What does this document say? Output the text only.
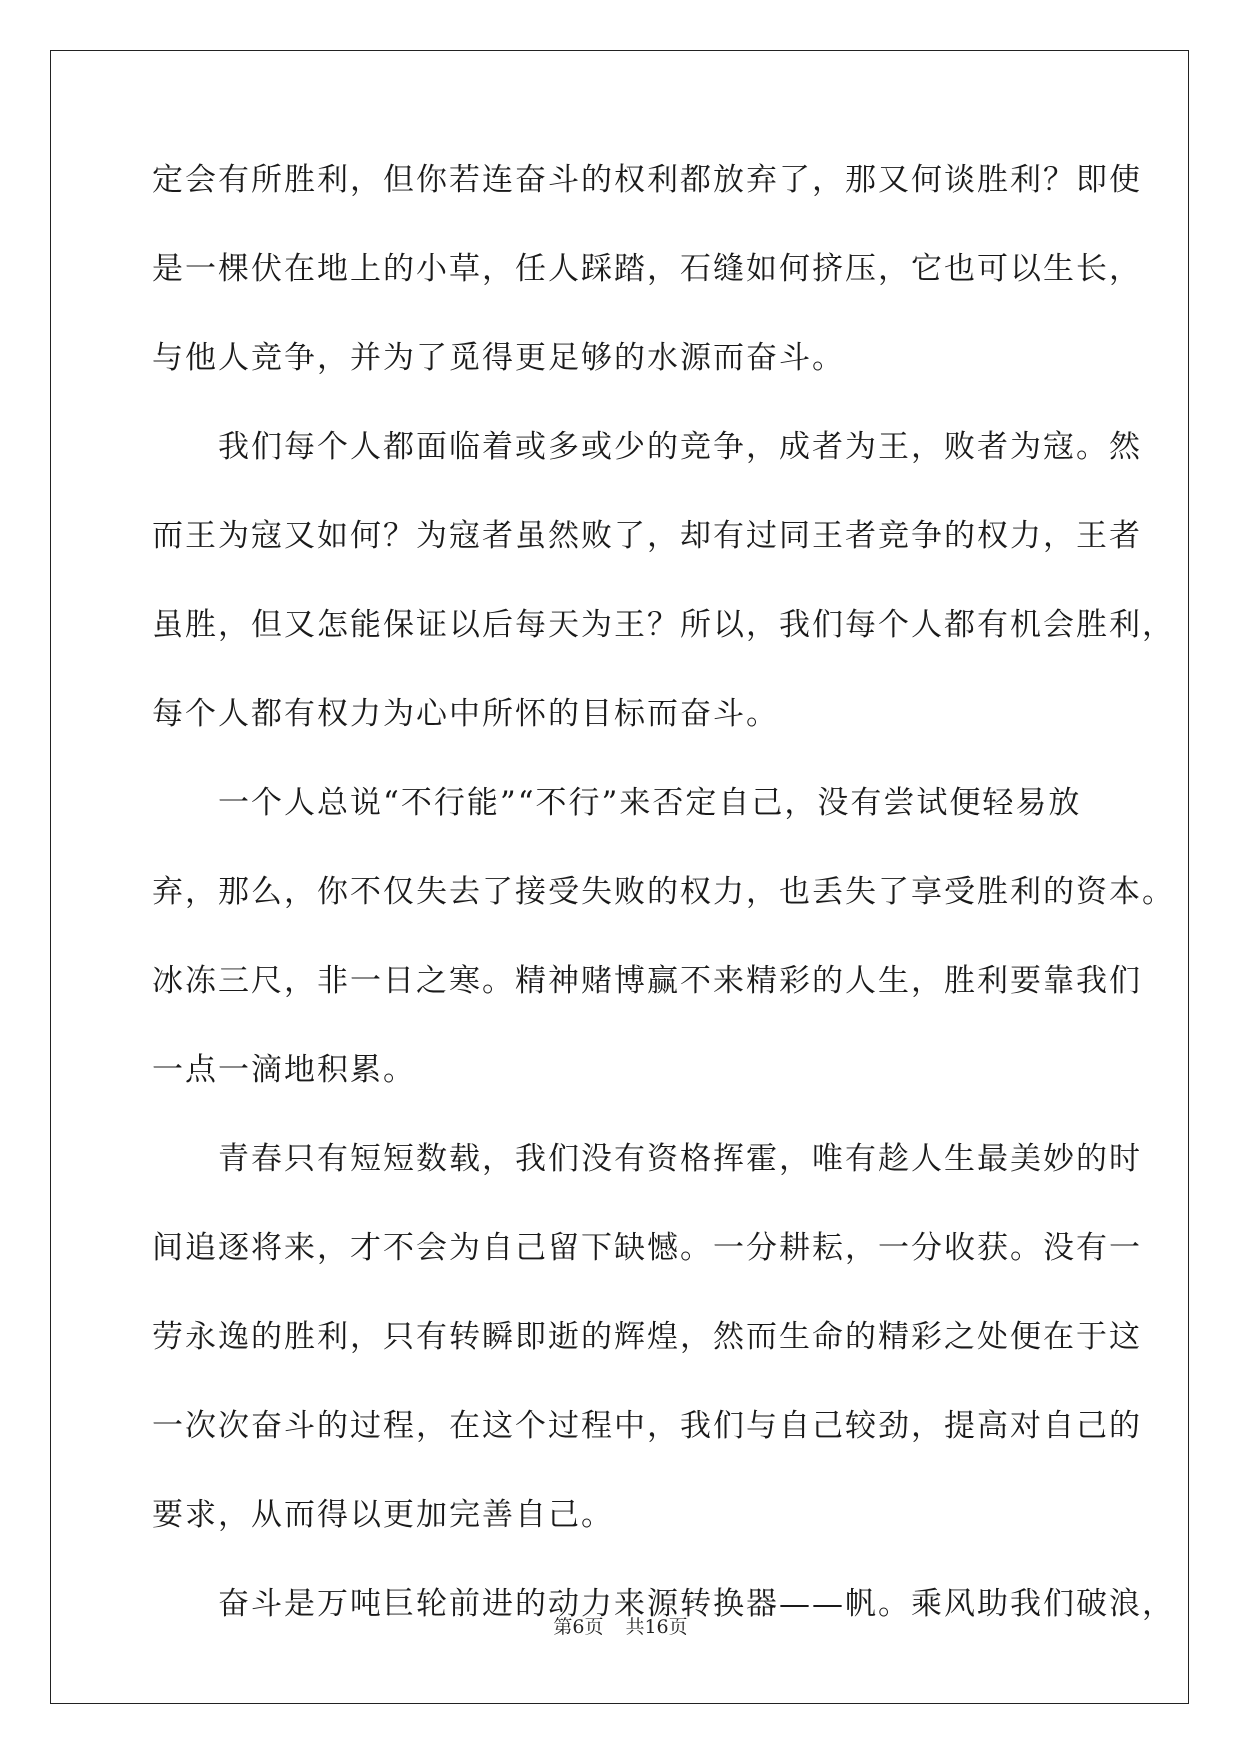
定会有所胜利，但你若连奋斗的权利都放弃了，那又何谈胜利？即使
是一棵伏在地上的小草，任人踩踏，石缝如何挤压，它也可以生长，
与他人竞争，并为了觅得更足够的水源而奋斗。
　　我们每个人都面临着或多或少的竞争，成者为王，败者为寇。然
而王为寇又如何？为寇者虽然败了，却有过同王者竞争的权力，王者
虽胜，但又怎能保证以后每天为王？所以，我们每个人都有机会胜利，
每个人都有权力为心中所怀的目标而奋斗。
　　一个人总说“不行能”“不行”来否定自己，没有尝试便轻易放
弃，那么，你不仅失去了接受失败的权力，也丢失了享受胜利的资本。
冰冻三尺，非一日之寒。精神赌博赢不来精彩的人生，胜利要靠我们
一点一滴地积累。
　　青春只有短短数载，我们没有资格挥霍，唯有趁人生最美妙的时
间追逐将来，才不会为自己留下缺憾。一分耕耘，一分收获。没有一
劳永逸的胜利，只有转瞬即逝的辉煌，然而生命的精彩之处便在于这
一次次奋斗的过程，在这个过程中，我们与自己较劲，提高对自己的
要求，从而得以更加完善自己。
　　奋斗是万吨巨轮前进的动力来源转换器——帆。乘风助我们破浪，
第6页 共16页
